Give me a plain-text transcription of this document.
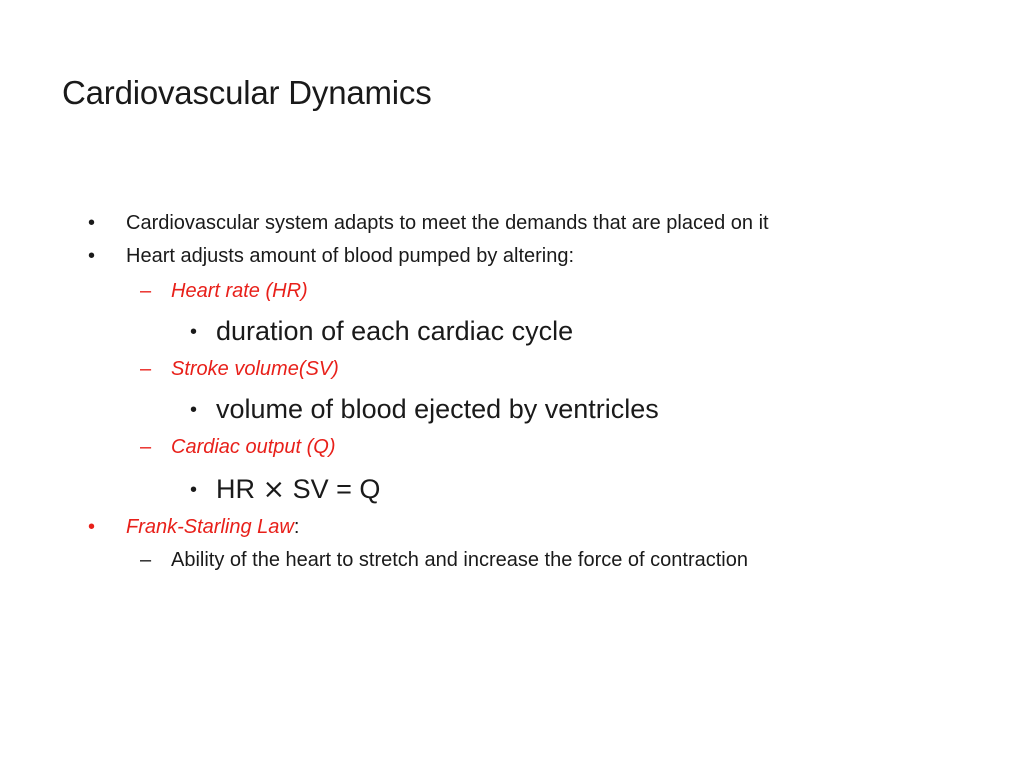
Cardiovascular Dynamics
• Cardiovascular system adapts to meet the demands that are placed on it
• Heart adjusts amount of blood pumped by altering:
– Heart rate (HR)
• duration of each cardiac cycle
– Stroke volume(SV)
• volume of blood ejected by ventricles
– Cardiac output (Q)
• HR ⨯ SV = Q
• Frank-Starling Law:
– Ability of the heart to stretch and increase the force of contraction
